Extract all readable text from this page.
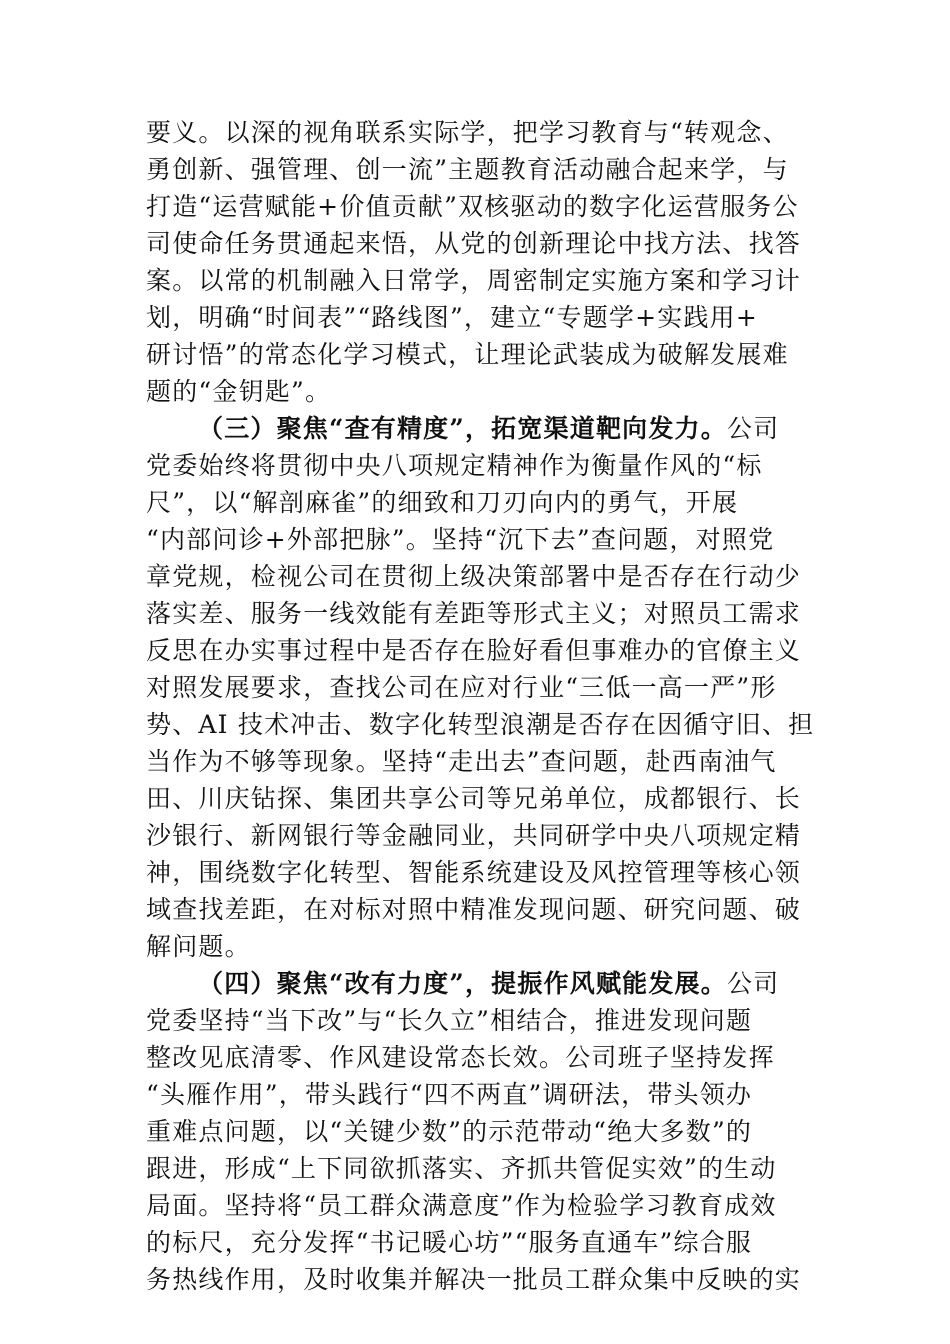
要义。以深的视角联系实际学，把学习教育与“转观念、
勇创新、强管理、创一流”主题教育活动融合起来学，与
打造“运营赋能+价值贡献”双核驱动的数字化运营服务公
司使命任务贯通起来悟，从党的创新理论中找方法、找答
案。以常的机制融入日常学，周密制定实施方案和学习计
划，明确“时间表”“路线图”，建立“专题学+实践用+
研讨悟”的常态化学习模式，让理论武装成为破解发展难
题的“金钥匙”。
（三）聚焦“查有精度”，拓宽渠道靶向发力。公司
党委始终将贯彻中央八项规定精神作为衡量作风的“标
尺”，以“解剖麻雀”的细致和刀刃向内的勇气，开展
“内部问诊+外部把脉”。坚持“沉下去”查问题，对照党
章党规，检视公司在贯彻上级决策部署中是否存在行动少
落实差、服务一线效能有差距等形式主义；对照员工需求
反思在办实事过程中是否存在脸好看但事难办的官僚主义
对照发展要求，查找公司在应对行业“三低一高一严”形
势、AI 技术冲击、数字化转型浪潮是否存在因循守旧、担
当作为不够等现象。坚持“走出去”查问题，赴西南油气
田、川庆钻探、集团共享公司等兄弟单位，成都银行、长
沙银行、新网银行等金融同业，共同研学中央八项规定精
神，围绕数字化转型、智能系统建设及风控管理等核心领
域查找差距，在对标对照中精准发现问题、研究问题、破
解问题。
（四）聚焦“改有力度”，提振作风赋能发展。公司
党委坚持“当下改”与“长久立”相结合，推进发现问题
整改见底清零、作风建设常态长效。公司班子坚持发挥
“头雁作用”，带头践行“四不两直”调研法，带头领办
重难点问题，以“关键少数”的示范带动“绝大多数”的
跟进，形成“上下同欲抓落实、齐抓共管促实效”的生动
局面。坚持将“员工群众满意度”作为检验学习教育成效
的标尺，充分发挥“书记暖心坊”“服务直通车”综合服
务热线作用，及时收集并解决一批员工群众集中反映的实
